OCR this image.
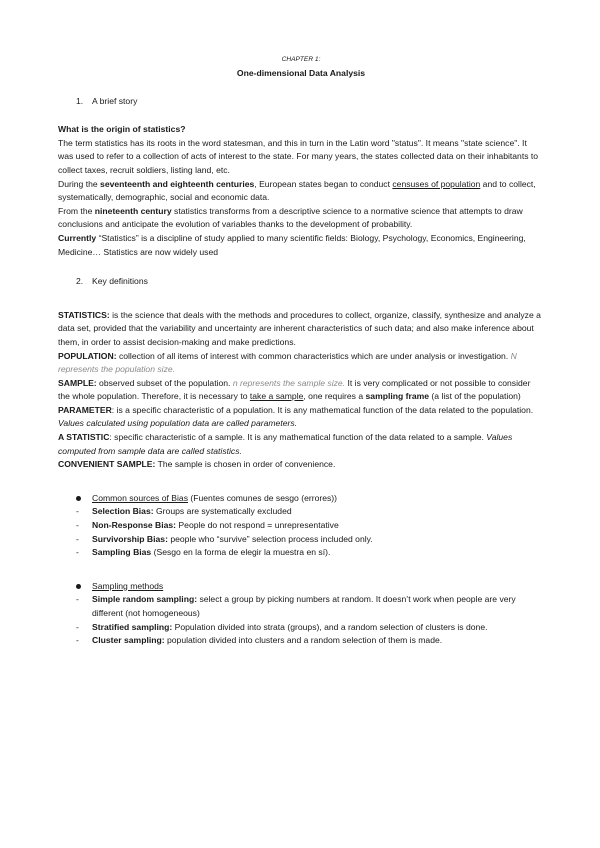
CHAPTER 1:

One-dimensional Data Analysis

1. A brief story

What is the origin of statistics?

The term statistics has its roots in the word statesman, and this in turn in the Latin word "status". It means "state science". It was used to refer to a collection of acts of interest to the state. For many years, the states collected data on their inhabitants to collect taxes, recruit soldiers, listing land, etc.

During the seventeenth and eighteenth centuries, European states began to conduct censuses of population and to collect, systematically, demographic, social and economic data.

From the nineteenth century statistics transforms from a descriptive science to a normative science that attempts to draw conclusions and anticipate the evolution of variables thanks to the development of probability.

Currently “Statistics” is a discipline of study applied to many scientific fields: Biology, Psychology, Economics, Engineering, Medicine… Statistics are now widely used

2. Key definitions

STATISTICS: is the science that deals with the methods and procedures to collect, organize, classify, synthesize and analyze a data set, provided that the variability and uncertainty are inherent characteristics of such data; and also make inference about them, in order to assist decision-making and make predictions.

POPULATION: collection of all items of interest with common characteristics which are under analysis or investigation. N represents the population size.

SAMPLE: observed subset of the population. n represents the sample size. It is very complicated or not possible to consider the whole population. Therefore, it is necessary to take a sample, one requires a sampling frame (a list of the population)

PARAMETER: is a specific characteristic of a population. It is any mathematical function of the data related to the population. Values calculated using population data are called parameters.

A STATISTIC: specific characteristic of a sample. It is any mathematical function of the data related to a sample. Values computed from sample data are called statistics.

CONVENIENT SAMPLE: The sample is chosen in order of convenience.

Common sources of Bias (Fuentes comunes de sesgo (errores))
- Selection Bias: Groups are systematically excluded
- Non-Response Bias: People do not respond = unrepresentative
- Survivorship Bias: people who “survive” selection process included only.
- Sampling Bias (Sesgo en la forma de elegir la muestra en sí).
Sampling methods
- Simple random sampling: select a group by picking numbers at random. It doesn’t work when people are very different (not homogeneous)
- Stratified sampling: Population divided into strata (groups), and a random selection of clusters is done.
- Cluster sampling: population divided into clusters and a random selection of them is made.
